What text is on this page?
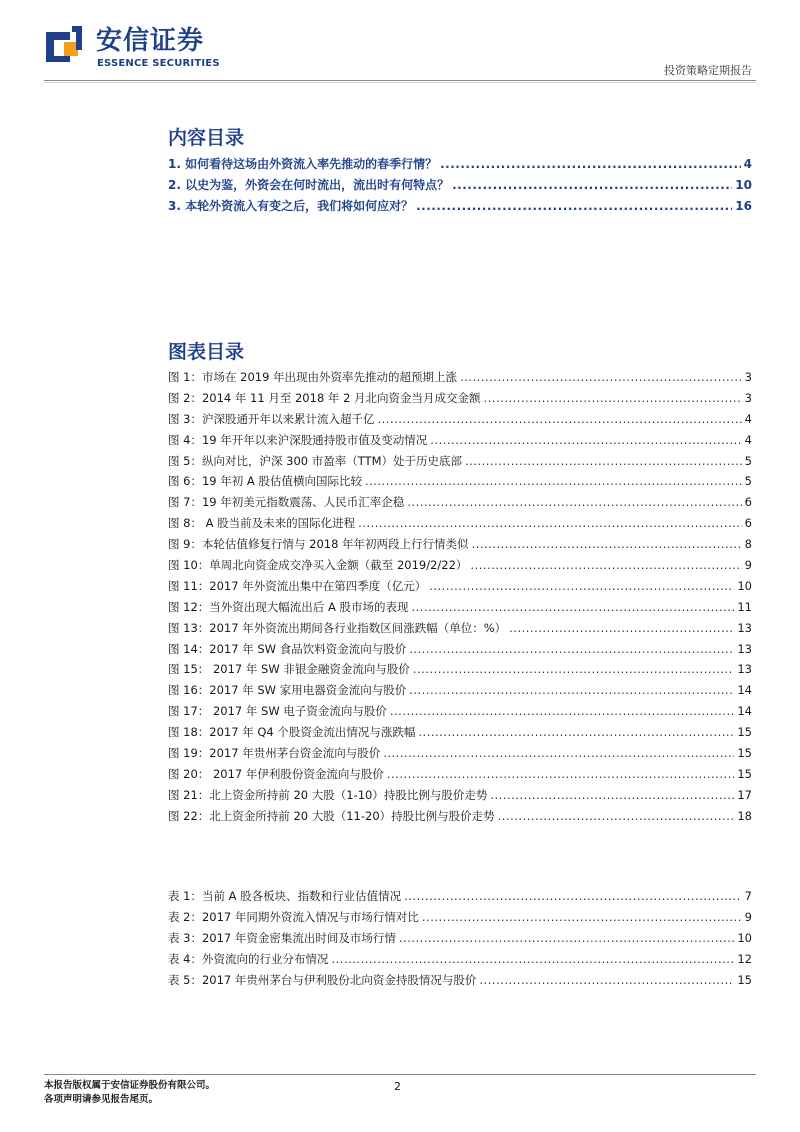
安信证券
ESSENCE SECURITIES
投资策略定期报告
内容目录
1. 如何看待这场由外资流入率先推动的春季行情？ .....	4
2. 以史为鉴，外资会在何时流出，流出时有何特点？ .....	10
3. 本轮外资流入有变之后，我们将如何应对？ .....	16
图表目录
图 1：市场在 2019 年出现由外资率先推动的超预期上涨 .....	3
图 2：2014 年 11 月至 2018 年 2 月北向资金当月成交金额 .....	3
图 3：沪深股通开年以来累计流入超千亿 .....	4
图 4：19 年开年以来沪深股通持股市值及变动情况 .....	4
图 5：纵向对比，沪深 300 市盈率（TTM）处于历史底部 .....	5
图 6：19 年初 A 股估值横向国际比较 .....	5
图 7：19 年初美元指数震荡、人民币汇率企稳 .....	6
图 8： A 股当前及未来的国际化进程 .....	6
图 9：本轮估值修复行情与 2018 年年初两段上行行情类似 .....	8
图 10：单周北向资金成交净买入金额（截至 2019/2/22） .....	9
图 11：2017 年外资流出集中在第四季度（亿元） .....	10
图 12：当外资出现大幅流出后 A 股市场的表现 .....	11
图 13：2017 年外资流出期间各行业指数区间涨跌幅（单位：%） .....	13
图 14：2017 年 SW 食品饮料资金流向与股价 .....	13
图 15： 2017 年 SW 非银金融资金流向与股价 .....	13
图 16：2017 年 SW 家用电器资金流向与股价 .....	14
图 17： 2017 年 SW 电子资金流向与股价 .....	14
图 18：2017 年 Q4 个股资金流出情况与涨跌幅 .....	15
图 19：2017 年贵州茅台资金流向与股价 .....	15
图 20： 2017 年伊利股份资金流向与股价 .....	15
图 21：北上资金所持前 20 大股（1-10）持股比例与股价走势 .....	17
图 22：北上资金所持前 20 大股（11-20）持股比例与股价走势 .....	18
表 1：当前 A 股各板块、指数和行业估值情况 .....	7
表 2：2017 年同期外资流入情况与市场行情对比 .....	9
表 3：2017 年资金密集流出时间及市场行情 .....	10
表 4：外资流向的行业分布情况 .....	12
表 5：2017 年贵州茅台与伊利股份北向资金持股情况与股价 .....	15
本报告版权属于安信证券股份有限公司。
各项声明请参见报告尾页。
2
